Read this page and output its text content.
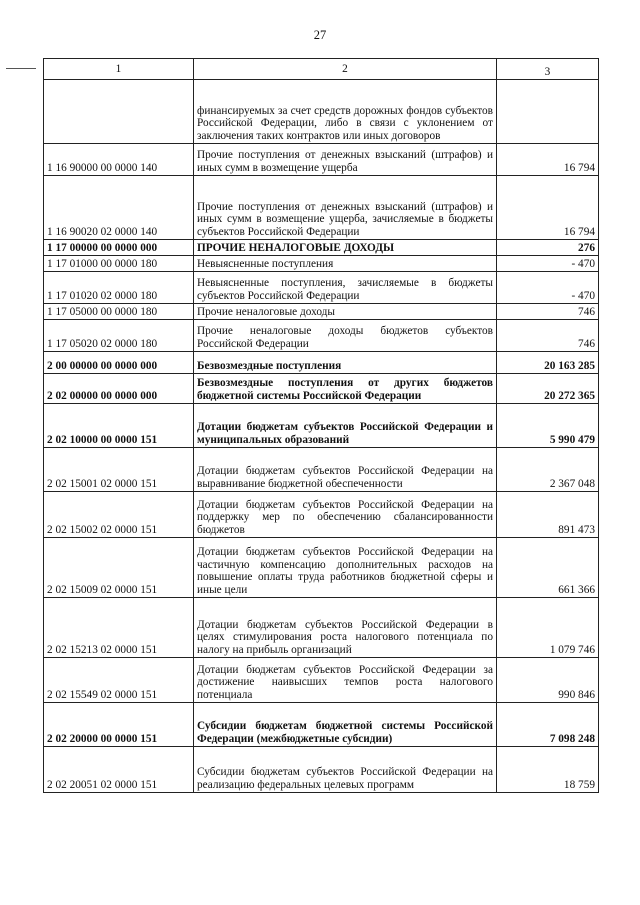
27
1	2	3
	финансируемых за счет средств дорожных фондов субъектов Российской Федерации, либо в связи с уклонением от заключения таких контрактов или иных договоров	
1 16 90000 00 0000 140	Прочие поступления от денежных взысканий (штрафов) и иных сумм в возмещение ущерба	16 794
1 16 90020 02 0000 140	Прочие поступления от денежных взысканий (штрафов) и иных сумм в возмещение ущерба, зачисляемые в бюджеты субъектов Российской Федерации	16 794
1 17 00000 00 0000 000	ПРОЧИЕ НЕНАЛОГОВЫЕ ДОХОДЫ	276
1 17 01000 00 0000 180	Невыясненные поступления	- 470
1 17 01020 02 0000 180	Невыясненные поступления, зачисляемые в бюджеты субъектов Российской Федерации	- 470
1 17 05000 00 0000 180	Прочие неналоговые доходы	746
1 17 05020 02 0000 180	Прочие неналоговые доходы бюджетов субъектов Российской Федерации	746
2 00 00000 00 0000 000	Безвозмездные поступления	20 163 285
2 02 00000 00 0000 000	Безвозмездные поступления от других бюджетов бюджетной системы Российской Федерации	20 272 365
2 02 10000 00 0000 151	Дотации бюджетам субъектов Российской Федерации и муниципальных образований	5 990 479
2 02 15001 02 0000 151	Дотации бюджетам субъектов Российской Федерации на выравнивание бюджетной обеспеченности	2 367 048
2 02 15002 02 0000 151	Дотации бюджетам субъектов Российской Федерации на поддержку мер по обеспечению сбалансированности бюджетов	891 473
2 02 15009 02 0000 151	Дотации бюджетам субъектов Российской Федерации на частичную компенсацию дополнительных расходов на повышение оплаты труда работников бюджетной сферы и иные цели	661 366
2 02 15213 02 0000 151	Дотации бюджетам субъектов Российской Федерации в целях стимулирования роста налогового потенциала по налогу на прибыль организаций	1 079 746
2 02 15549 02 0000 151	Дотации бюджетам субъектов Российской Федерации за достижение наивысших темпов роста налогового потенциала	990 846
2 02 20000 00 0000 151	Субсидии бюджетам бюджетной системы Российской Федерации (межбюджетные субсидии)	7 098 248
2 02 20051 02 0000 151	Субсидии бюджетам субъектов Российской Федерации на реализацию федеральных целевых программ	18 759
